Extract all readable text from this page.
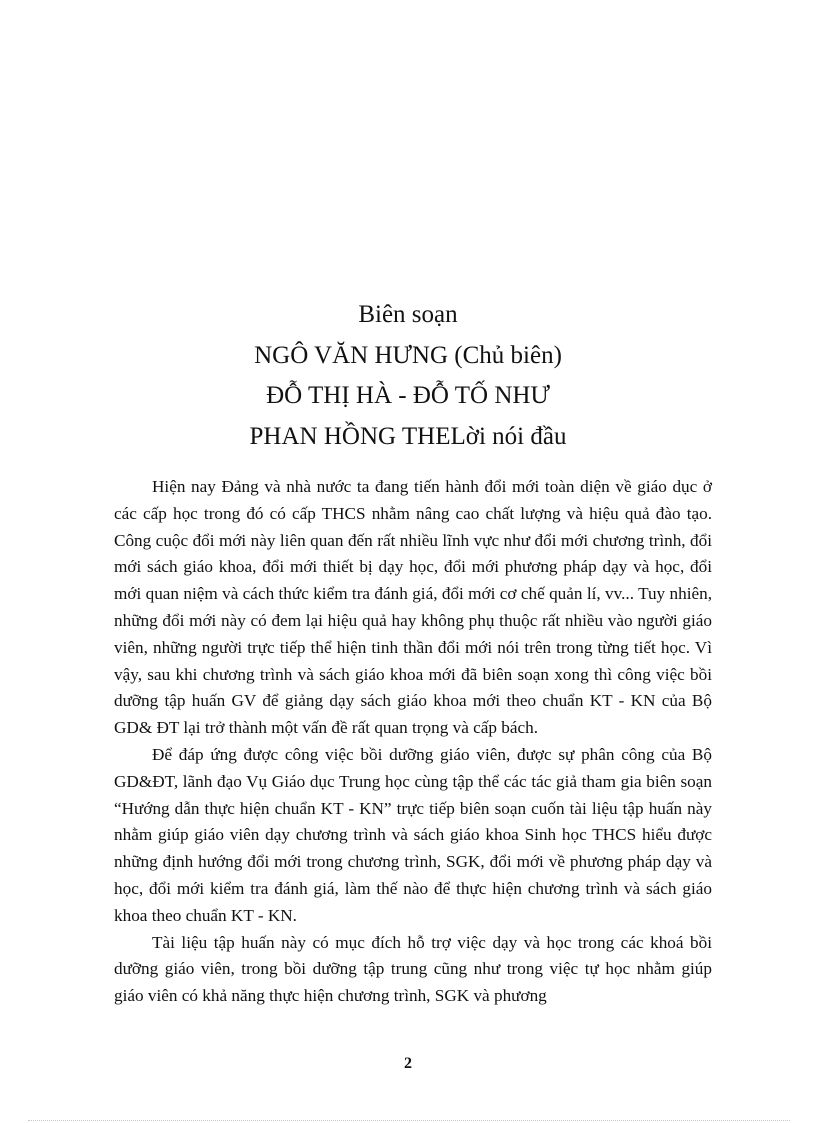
Biên soạn
NGÔ VĂN HƯNG (Chủ biên)
ĐỖ THỊ HÀ - ĐỖ TỐ NHƯ
PHAN HỒNG THELời nói đầu

Hiện nay Đảng và nhà nước ta đang tiến hành đổi mới toàn diện về giáo dục ở các cấp học trong đó có cấp THCS nhằm nâng cao chất lượng và hiệu quả đào tạo. Công cuộc đổi mới này liên quan đến rất nhiều lĩnh vực như đổi mới chương trình, đổi mới sách giáo khoa, đổi mới thiết bị dạy học, đổi mới phương pháp dạy và học, đổi mới quan niệm và cách thức kiểm tra đánh giá, đổi mới cơ chế quản lí, vv... Tuy nhiên, những đổi mới này có đem lại hiệu quả hay không phụ thuộc rất nhiều vào người giáo viên, những người trực tiếp thể hiện tinh thần đổi mới nói trên trong từng tiết học. Vì vậy, sau khi chương trình và sách giáo khoa mới đã biên soạn xong thì công việc bồi dưỡng tập huấn GV để giảng dạy sách giáo khoa mới theo chuẩn KT - KN của Bộ GD& ĐT lại trở thành một vấn đề rất quan trọng và cấp bách.

Để đáp ứng được công việc bồi dưỡng giáo viên, được sự phân công của Bộ GD&ĐT, lãnh đạo Vụ Giáo dục Trung học cùng tập thể các tác giả tham gia biên soạn “Hướng dẫn thực hiện chuẩn KT - KN” trực tiếp biên soạn cuốn tài liệu tập huấn này nhằm giúp giáo viên dạy chương trình và sách giáo khoa Sinh học THCS hiểu được những định hướng đổi mới trong chương trình, SGK, đổi mới về phương pháp dạy và học, đổi mới kiểm tra đánh giá, làm thế nào để thực hiện chương trình và sách giáo khoa theo chuẩn KT - KN.

Tài liệu tập huấn này có mục đích hỗ trợ việc dạy và học trong các khoá bồi dưỡng giáo viên, trong bồi dưỡng tập trung cũng như trong việc tự học nhằm giúp giáo viên có khả năng thực hiện chương trình, SGK và phương

2
